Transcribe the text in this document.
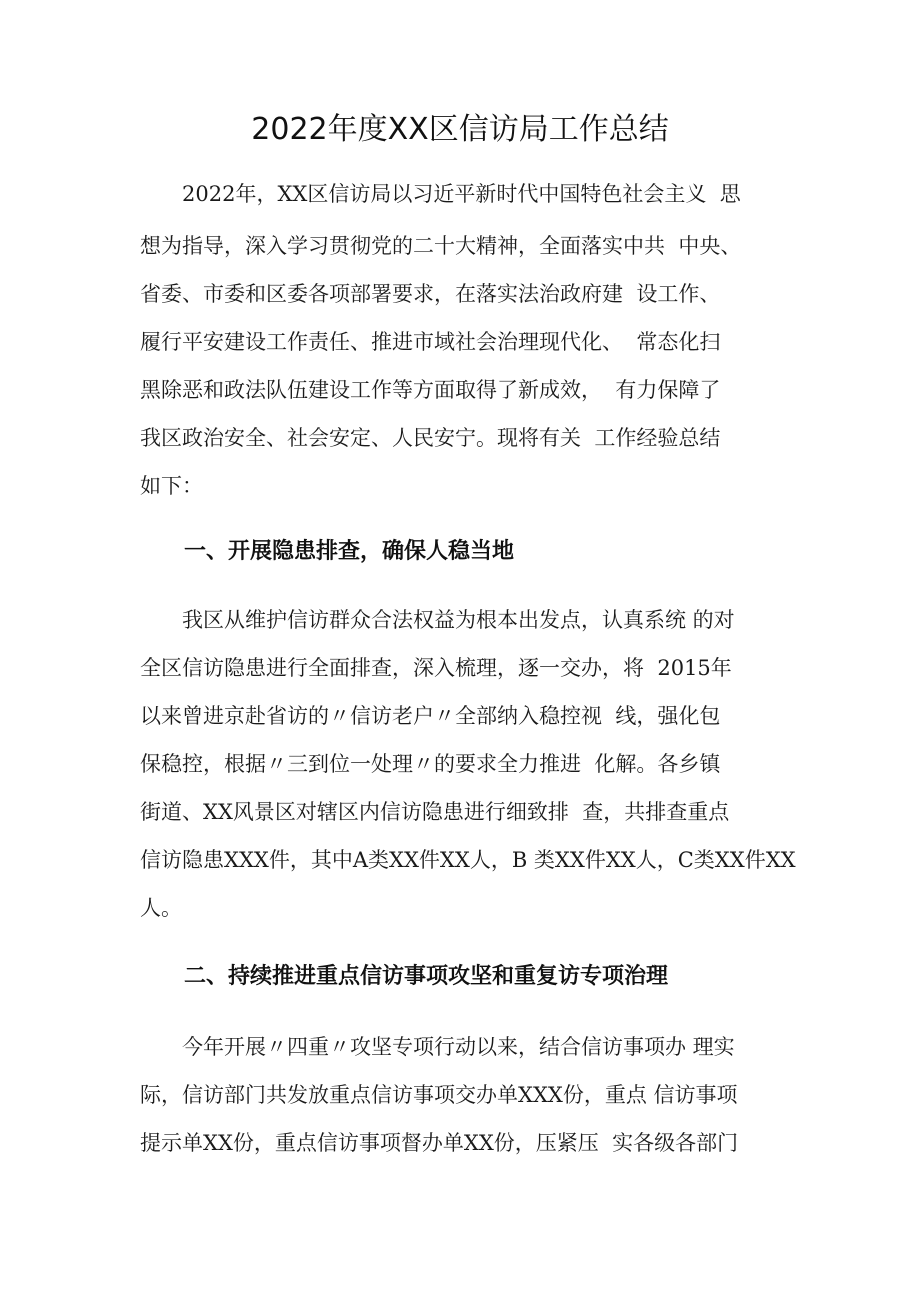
2022年度XX区信访局工作总结
　　2022年，XX区信访局以习近平新时代中国特色社会主义  思
想为指导，深入学习贯彻党的二十大精神，全面落实中共  中央、
省委、市委和区委各项部署要求，在落实法治政府建  设工作、
履行平安建设工作责任、推进市域社会治理现代化、  常态化扫
黑除恶和政法队伍建设工作等方面取得了新成效，  有力保障了
我区政治安全、社会安定、人民安宁。现将有关  工作经验总结
如下：
一、开展隐患排查，确保人稳当地
　　我区从维护信访群众合法权益为根本出发点，认真系统 的对
全区信访隐患进行全面排查，深入梳理，逐一交办，将  2015年
以来曾进京赴省访的〃信访老户〃全部纳入稳控视  线，强化包
保稳控，根据〃三到位一处理〃的要求全力推进  化解。各乡镇
街道、XX风景区对辖区内信访隐患进行细致排  查，共排查重点
信访隐患XXX件，其中A类XX件XX人，B 类XX件XX人，C类XX件XX
人。
二、持续推进重点信访事项攻坚和重复访专项治理
　　今年开展〃四重〃攻坚专项行动以来，结合信访事项办 理实
际，信访部门共发放重点信访事项交办单XXX份，重点 信访事项
提示单XX份，重点信访事项督办单XX份，压紧压  实各级各部门
